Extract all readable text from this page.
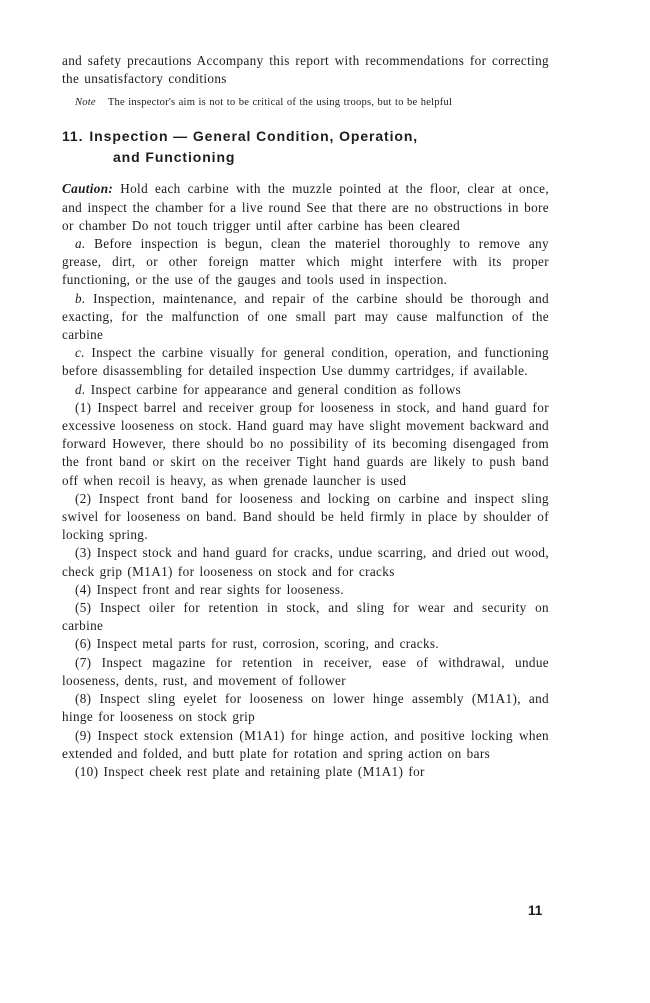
and safety precautions Accompany this report with recommendations for correcting the unsatisfactory conditions

Note The inspector's aim is not to be critical of the using troops, but to be helpful

11. Inspection — General Condition, Operation,
and Functioning

Caution: Hold each carbine with the muzzle pointed at the floor, clear at once, and inspect the chamber for a live round See that there are no obstructions in bore or chamber Do not touch trigger until after carbine has been cleared

a. Before inspection is begun, clean the materiel thoroughly to remove any grease, dirt, or other foreign matter which might interfere with its proper functioning, or the use of the gauges and tools used in inspection.

b. Inspection, maintenance, and repair of the carbine should be thorough and exacting, for the malfunction of one small part may cause malfunction of the carbine

c. Inspect the carbine visually for general condition, operation, and functioning before disassembling for detailed inspection Use dummy cartridges, if available.

d. Inspect carbine for appearance and general condition as follows

(1) Inspect barrel and receiver group for looseness in stock, and hand guard for excessive looseness on stock. Hand guard may have slight movement backward and forward However, there should bo no possibility of its becoming disengaged from the front band or skirt on the receiver Tight hand guards are likely to push band off when recoil is heavy, as when grenade launcher is used

(2) Inspect front band for looseness and locking on carbine and inspect sling swivel for looseness on band. Band should be held firmly in place by shoulder of locking spring.

(3) Inspect stock and hand guard for cracks, undue scarring, and dried out wood, check grip (M1A1) for looseness on stock and for cracks

(4) Inspect front and rear sights for looseness.

(5) Inspect oiler for retention in stock, and sling for wear and security on carbine

(6) Inspect metal parts for rust, corrosion, scoring, and cracks.

(7) Inspect magazine for retention in receiver, ease of withdrawal, undue looseness, dents, rust, and movement of follower

(8) Inspect sling eyelet for looseness on lower hinge assembly (M1A1), and hinge for looseness on stock grip

(9) Inspect stock extension (M1A1) for hinge action, and positive locking when extended and folded, and butt plate for rotation and spring action on bars

(10) Inspect cheek rest plate and retaining plate (M1A1) for

11
